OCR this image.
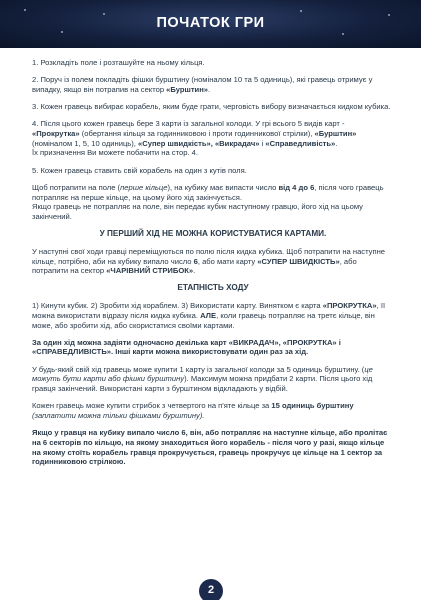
ПОЧАТОК ГРИ

1. Розкладіть поле і розташуйте на ньому кільця.

2. Поруч із полем покладіть фішки бурштину (номіналом 10 та 5 одиниць), які гравець отримує у випадку, якщо він потрапив на сектор «Бурштин».

3. Кожен гравець вибирає корабель, яким буде грати, черговість вибору визначається кидком кубика.

4. Після цього кожен гравець бере 3 карти із загальної колоди. У грі всього 5 видів карт - «Прокрутка» (обертання кільця за годинниковою і проти годинникової стрілки), «Бурштин» (номіналом 1, 5, 10 одиниць), «Супер швидкість», «Викрадач» і «Справедливість».
Їх призначення Ви можете побачити на стор. 4.

5. Кожен гравець ставить свій корабель на один з кутів поля.

Щоб потрапити на поле (перше кільце), на кубику має випасти число від 4 до 6, після чого гравець потрапляє на перше кільце, на цьому його хід закінчується.
Якщо гравець не потрапляє на поле, він передає кубик наступному гравцю, його хід на цьому закінчений.

У ПЕРШИЙ ХІД НЕ МОЖНА КОРИСТУВАТИСЯ КАРТАМИ.

У наступні свої ходи гравці переміщуються по полю після кидка кубика. Щоб потрапити на наступне кільце, потрібно, аби на кубику випало число 6, або мати карту «СУПЕР ШВИДКІСТЬ», або потрапити на сектор «ЧАРІВНИЙ СТРИБОК».

ЕТАПНІСТЬ ХОДУ

1) Кинути кубик. 2) Зробити хід кораблем. 3) Використати карту. Винятком є карта «ПРОКРУТКА», її можна використати відразу після кидка кубика. АЛЕ, коли гравець потрапляє на третє кільце, він може, або зробити хід, або скористатися своїми картами.

За один хід можна задіяти одночасно декілька карт «ВИКРАДАЧ», «ПРОКРУТКА» і «СПРАВЕДЛИВІСТЬ». Інші карти можна використовувати один раз за хід.

У будь-який свій хід гравець може купити 1 карту із загальної колоди за 5 одиниць бурштину. (це можуть бути карти або фішки бурштину). Максимум можна придбати 2 карти. Після цього хід гравця закінчений. Використані карти з бурштином відкладають у відбій.

Кожен гравець може купити стрибок з четвертого на п'яте кільце за 15 одиниць бурштину
(заплатити можна тільки фішками бурштину).

Якщо у гравця на кубику випало число 6, він, або потрапляє на наступне кільце, або пролітає на 6 секторів по кільцю, на якому знаходиться його корабель - після чого у разі, якщо кільце на якому стоїть корабель гравця прокручується, гравець прокручує це кільце на 1 сектор за годинниковою стрілкою.

2
